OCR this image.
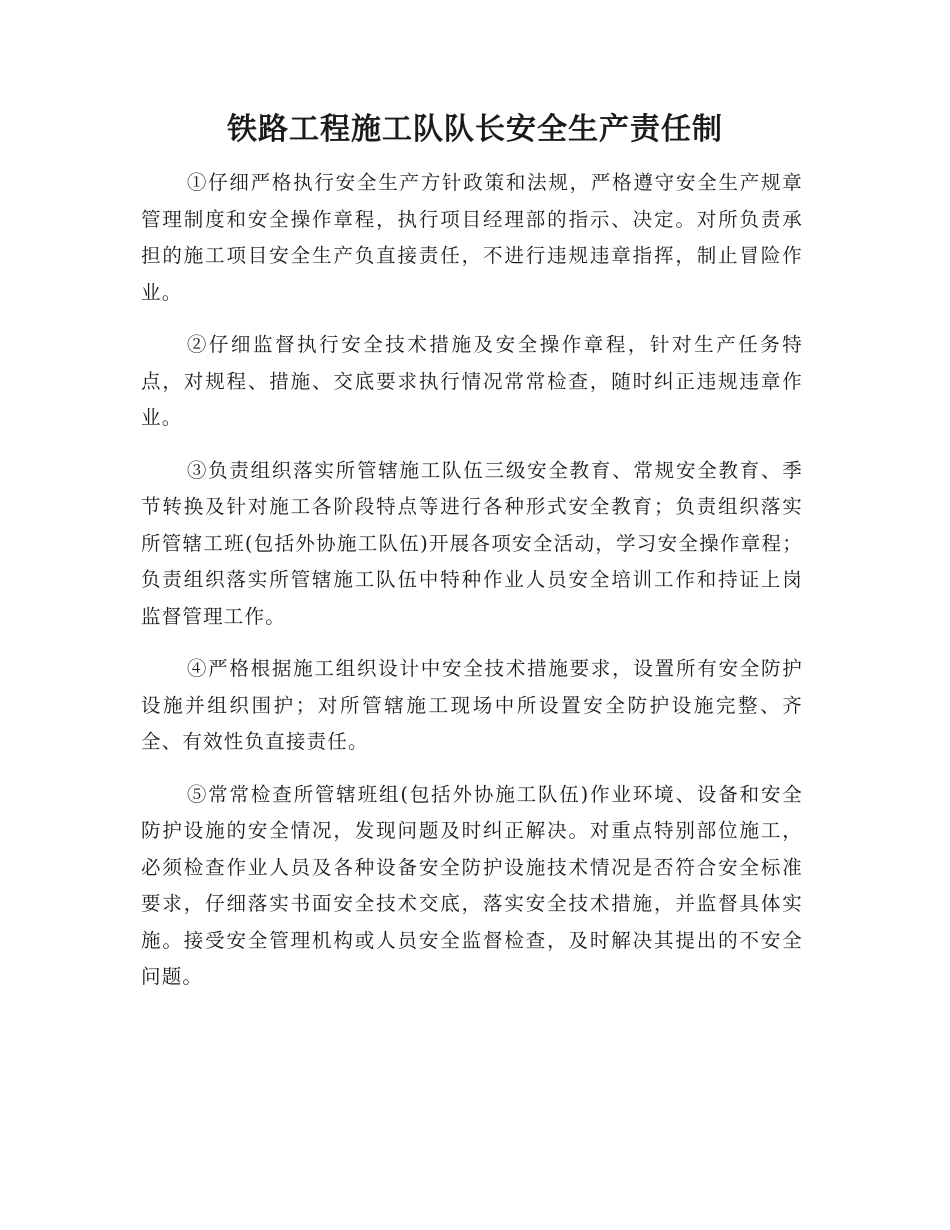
铁路工程施工队队长安全生产责任制

①仔细严格执行安全生产方针政策和法规，严格遵守安全生产规章管理制度和安全操作章程，执行项目经理部的指示、决定。对所负责承担的施工项目安全生产负直接责任，不进行违规违章指挥，制止冒险作业。

②仔细监督执行安全技术措施及安全操作章程，针对生产任务特点，对规程、措施、交底要求执行情况常常检查，随时纠正违规违章作业。

③负责组织落实所管辖施工队伍三级安全教育、常规安全教育、季节转换及针对施工各阶段特点等进行各种形式安全教育；负责组织落实所管辖工班(包括外协施工队伍)开展各项安全活动，学习安全操作章程；负责组织落实所管辖施工队伍中特种作业人员安全培训工作和持证上岗监督管理工作。

④严格根据施工组织设计中安全技术措施要求，设置所有安全防护设施并组织围护；对所管辖施工现场中所设置安全防护设施完整、齐全、有效性负直接责任。

⑤常常检查所管辖班组(包括外协施工队伍)作业环境、设备和安全防护设施的安全情况，发现问题及时纠正解决。对重点特别部位施工，必须检查作业人员及各种设备安全防护设施技术情况是否符合安全标准要求，仔细落实书面安全技术交底，落实安全技术措施，并监督具体实施。接受安全管理机构或人员安全监督检查，及时解决其提出的不安全问题。
